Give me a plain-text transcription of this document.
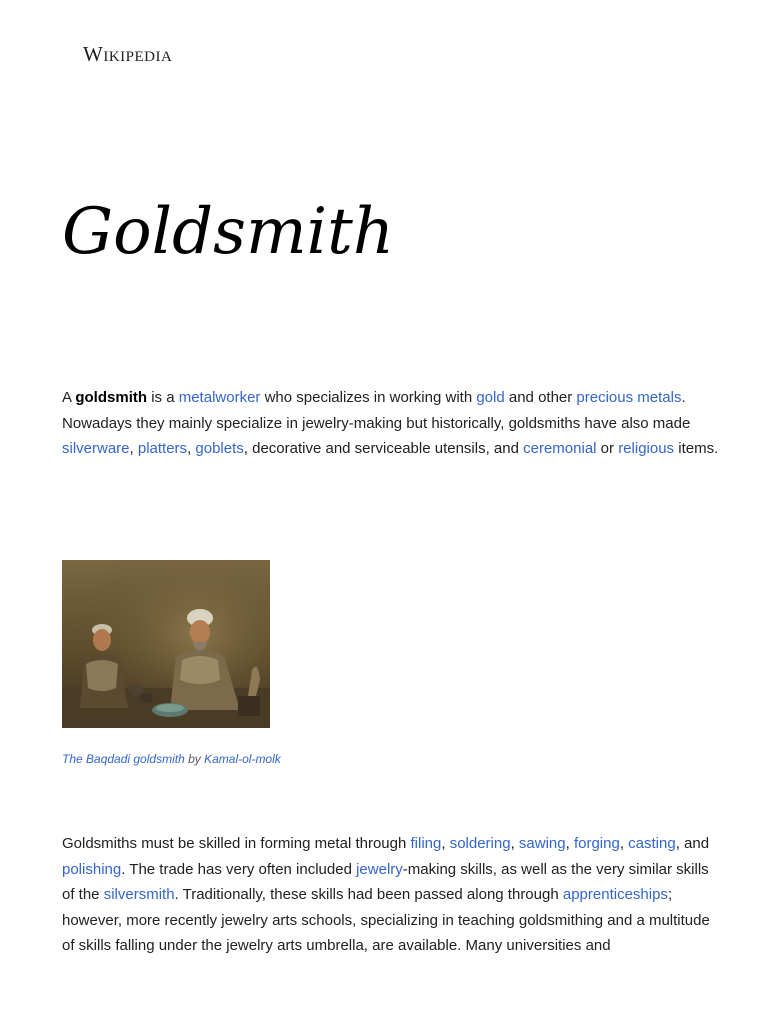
Wikipedia
Goldsmith

A goldsmith is a metalworker who specializes in working with gold and other precious metals. Nowadays they mainly specialize in jewelry-making but historically, goldsmiths have also made silverware, platters, goblets, decorative and serviceable utensils, and ceremonial or religious items.

The Baqdadi goldsmith by Kamal-ol-molk

Goldsmiths must be skilled in forming metal through filing, soldering, sawing, forging, casting, and polishing. The trade has very often included jewelry-making skills, as well as the very similar skills of the silversmith. Traditionally, these skills had been passed along through apprenticeships; however, more recently jewelry arts schools, specializing in teaching goldsmithing and a multitude of skills falling under the jewelry arts umbrella, are available. Many universities and
